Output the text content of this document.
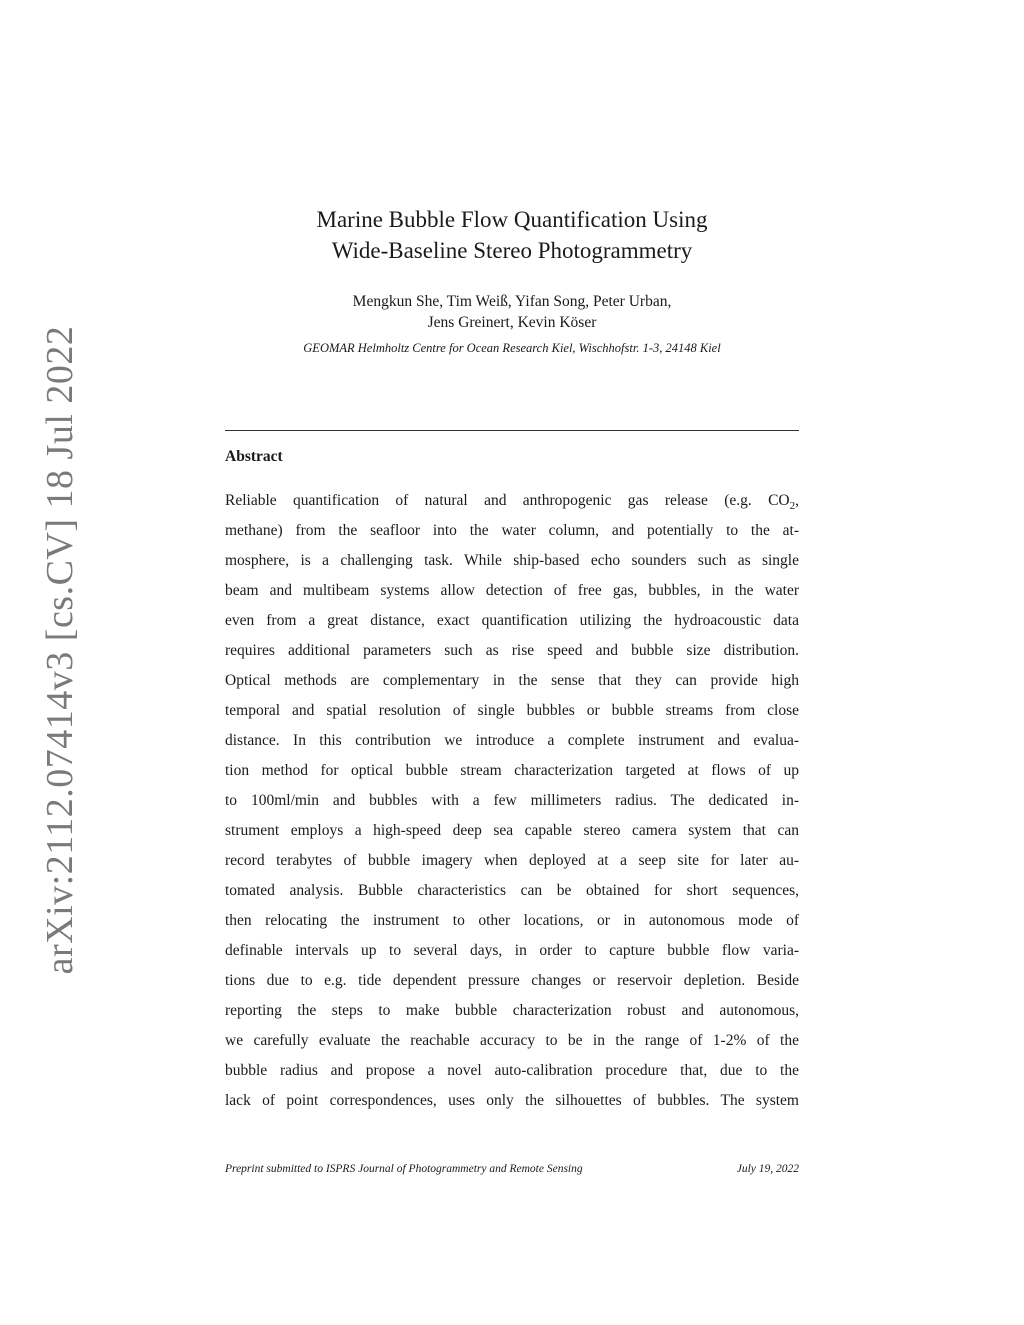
arXiv:2112.07414v3 [cs.CV] 18 Jul 2022
Marine Bubble Flow Quantification Using
Wide-Baseline Stereo Photogrammetry
Mengkun She, Tim Weiß, Yifan Song, Peter Urban,
Jens Greinert, Kevin Köser
GEOMAR Helmholtz Centre for Ocean Research Kiel, Wischhofstr. 1-3, 24148 Kiel
Abstract
Reliable quantification of natural and anthropogenic gas release (e.g. $CO_2$,
methane) from the seafloor into the water column, and potentially to the at-
mosphere, is a challenging task. While ship-based echo sounders such as single
beam and multibeam systems allow detection of free gas, bubbles, in the water
even from a great distance, exact quantification utilizing the hydroacoustic data
requires additional parameters such as rise speed and bubble size distribution.
Optical methods are complementary in the sense that they can provide high
temporal and spatial resolution of single bubbles or bubble streams from close
distance. In this contribution we introduce a complete instrument and evalua-
tion method for optical bubble stream characterization targeted at flows of up
to 100ml/min and bubbles with a few millimeters radius. The dedicated in-
strument employs a high-speed deep sea capable stereo camera system that can
record terabytes of bubble imagery when deployed at a seep site for later au-
tomated analysis. Bubble characteristics can be obtained for short sequences,
then relocating the instrument to other locations, or in autonomous mode of
definable intervals up to several days, in order to capture bubble flow varia-
tions due to e.g. tide dependent pressure changes or reservoir depletion. Beside
reporting the steps to make bubble characterization robust and autonomous,
we carefully evaluate the reachable accuracy to be in the range of 1-2% of the
bubble radius and propose a novel auto-calibration procedure that, due to the
lack of point correspondences, uses only the silhouettes of bubbles. The system
Preprint submitted to ISPRS Journal of Photogrammetry and Remote Sensing	July 19, 2022
